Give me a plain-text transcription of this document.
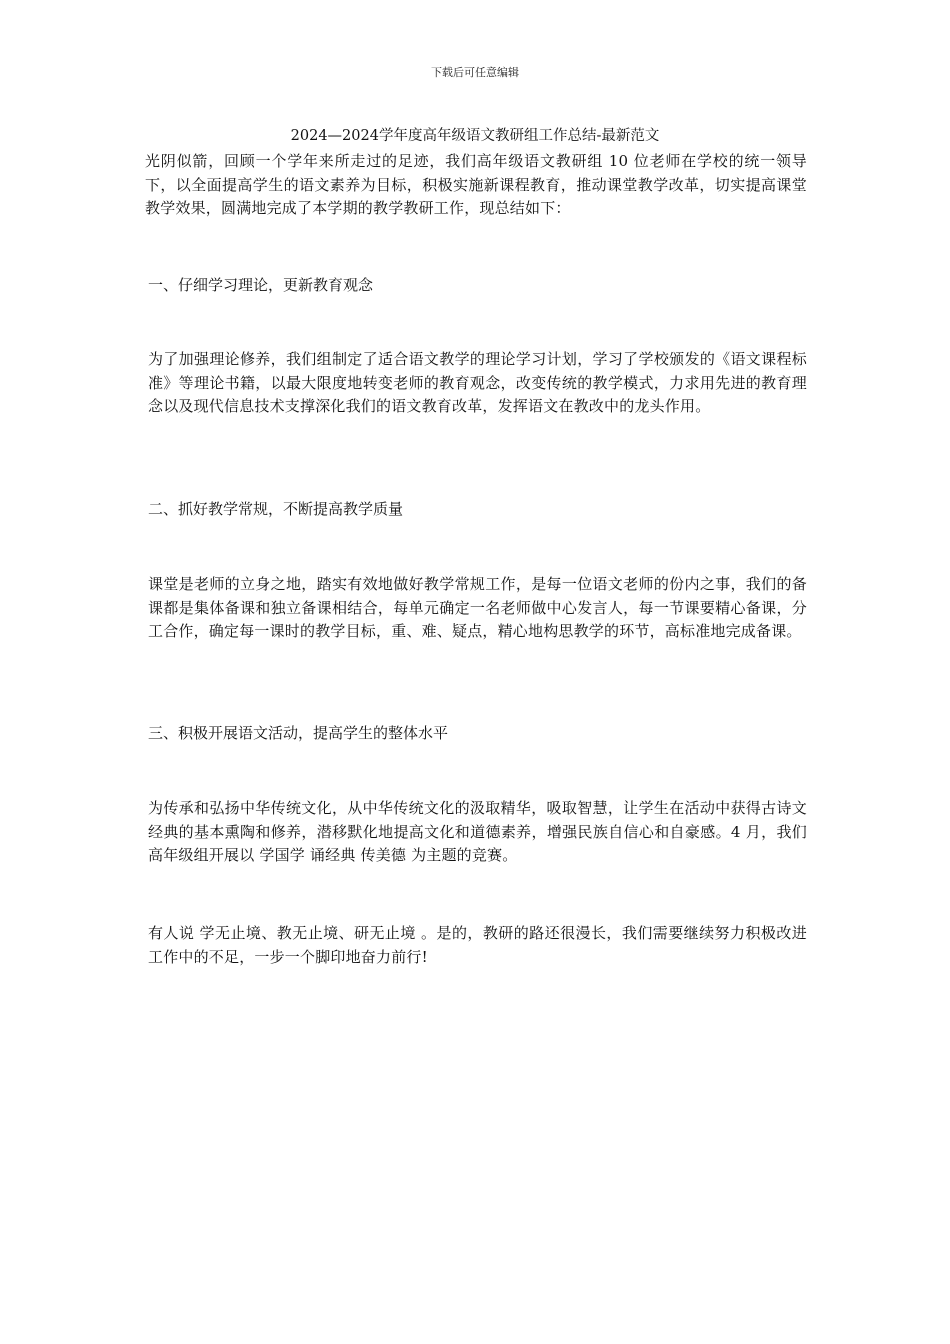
下载后可任意编辑
2024—2024学年度高年级语文教研组工作总结-最新范文

光阴似箭，回顾一个学年来所走过的足迹，我们高年级语文教研组 10 位老师在学校的统一领导下，以全面提高学生的语文素养为目标，积极实施新课程教育，推动课堂教学改革，切实提高课堂教学效果，圆满地完成了本学期的教学教研工作，现总结如下：

一、仔细学习理论，更新教育观念

为了加强理论修养，我们组制定了适合语文教学的理论学习计划，学习了学校颁发的《语文课程标准》等理论书籍，以最大限度地转变老师的教育观念，改变传统的教学模式，力求用先进的教育理念以及现代信息技术支撑深化我们的语文教育改革，发挥语文在教改中的龙头作用。

二、抓好教学常规，不断提高教学质量

课堂是老师的立身之地，踏实有效地做好教学常规工作，是每一位语文老师的份内之事，我们的备课都是集体备课和独立备课相结合，每单元确定一名老师做中心发言人，每一节课要精心备课，分工合作，确定每一课时的教学目标，重、难、疑点，精心地构思教学的环节，高标准地完成备课。

三、积极开展语文活动，提高学生的整体水平

为传承和弘扬中华传统文化，从中华传统文化的汲取精华，吸取智慧，让学生在活动中获得古诗文经典的基本熏陶和修养，潜移默化地提高文化和道德素养，增强民族自信心和自豪感。4 月，我们高年级组开展以 学国学 诵经典 传美德 为主题的竞赛。

有人说 学无止境、教无止境、研无止境 。是的，教研的路还很漫长，我们需要继续努力积极改进工作中的不足，一步一个脚印地奋力前行!
